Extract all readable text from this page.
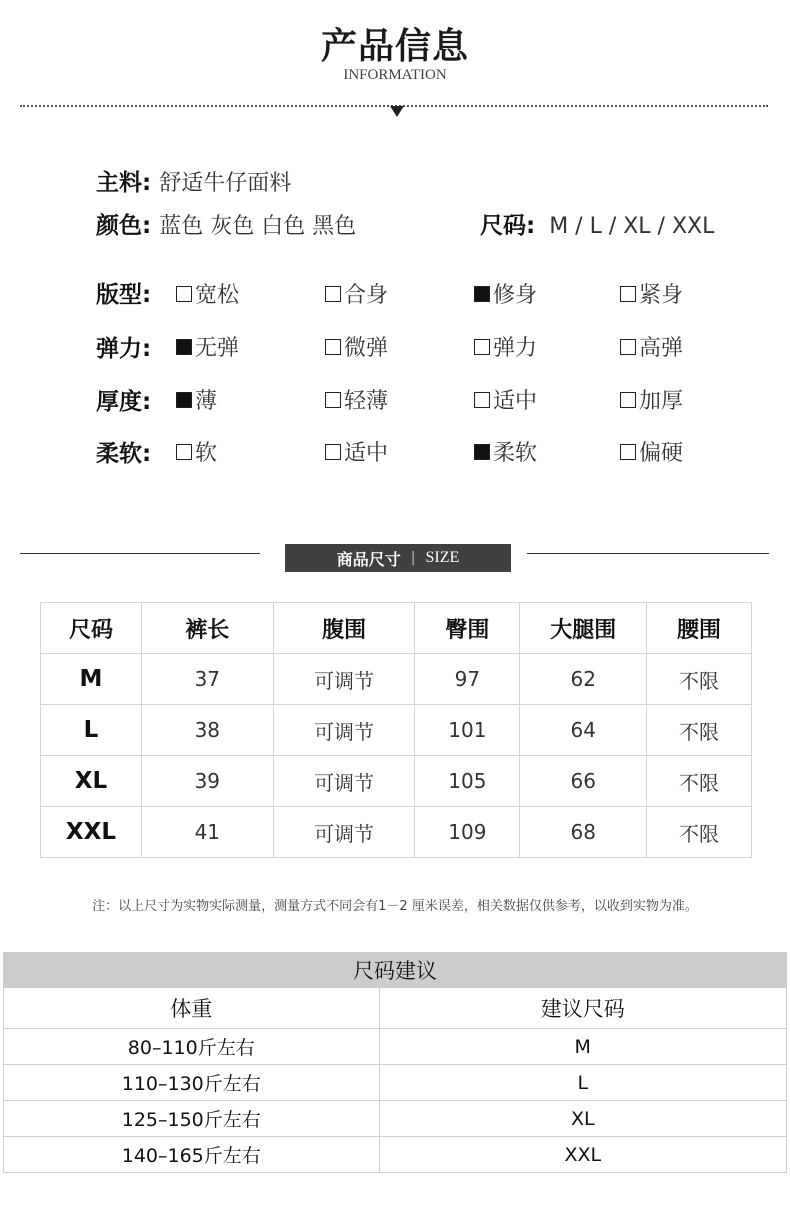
产品信息
INFORMATION
主料: 舒适牛仔面料
颜色: 蓝色 灰色 白色 黑色	尺码: M / L / XL / XXL
版型: 宽松	合身	修身	紧身
弹力: 无弹	微弹	弹力	高弹
厚度: 薄	轻薄	适中	加厚
柔软: 软	适中	柔软	偏硬
商品尺寸 | SIZE
尺码	裤长	腹围	臀围	大腿围	腰围
M	37	可调节	97	62	不限
L	38	可调节	101	64	不限
XL	39	可调节	105	66	不限
XXL	41	可调节	109	68	不限
注：以上尺寸为实物实际测量，测量方式不同会有1－2 厘米误差，相关数据仅供参考，以收到实物为准。
尺码建议	
体重	建议尺码
80–110斤左右	M
110–130斤左右	L
125–150斤左右	XL
140–165斤左右	XXL
